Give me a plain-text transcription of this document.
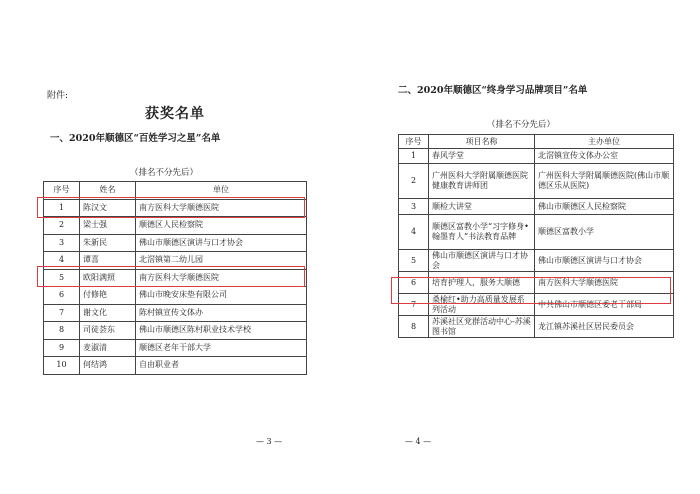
附件:
获奖名单
一、2020年顺德区“百姓学习之星”名单
（排名不分先后）
序号	姓名	单位
1	陈汉文	南方医科大学顺德医院
2	梁士强	顺德区人民检察院
3	朱新民	佛山市顺德区演讲与口才协会
4	谭喜	北滘镇第二幼儿园
5	欧阳满照	南方医科大学顺德医院
6	付修艳	佛山市晚安床垫有限公司
7	谢文化	陈村镇宣传文体办
8	司徒荟东	佛山市顺德区陈村职业技术学校
9	麦淑清	顺德区老年干部大学
10	何结鸿	自由职业者
— 3 —
二、2020年顺德区“终身学习品牌项目”名单
（排名不分先后）
序号	项目名称	主办单位
1	春风学堂	北滘镇宣传文体办公室
2	广州医科大学附属顺德医院健康教育讲师团	广州医科大学附属顺德医院(佛山市顺德区乐从医院)
3	顺检大讲堂	佛山市顺德区人民检察院
4	顺德区富教小学“习字修身•翰墨育人”书法教育品牌	顺德区富教小学
5	佛山市顺德区演讲与口才协会	佛山市顺德区演讲与口才协会
6	培育护理人，服务大顺德	南方医科大学顺德医院
7	桑榆红•助力高质量发展系列活动	中共佛山市顺德区委老干部局
8	苏溪社区党群活动中心-苏溪图书馆	龙江镇苏溪社区居民委员会
— 4 —
